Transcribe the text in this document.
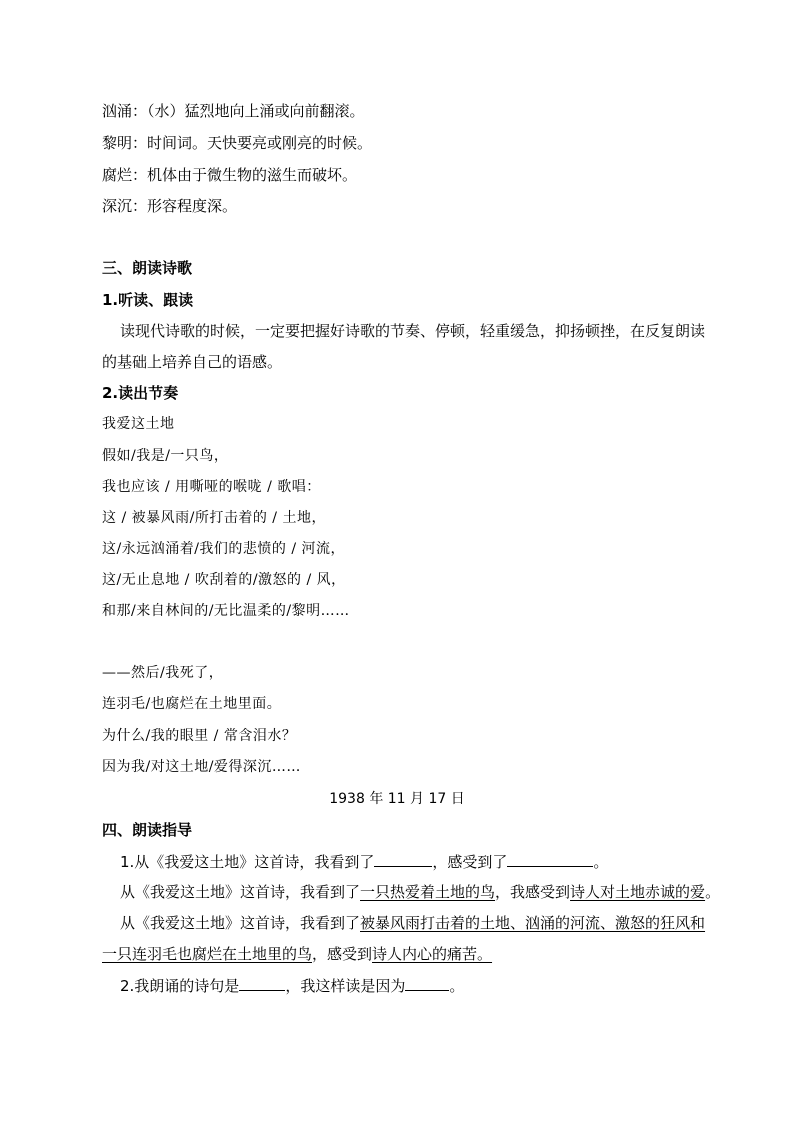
汹涌：（水）猛烈地向上涌或向前翻滚。
黎明：时间词。天快要亮或刚亮的时候。
腐烂：机体由于微生物的滋生而破坏。
深沉：形容程度深。
三、朗读诗歌
1.听读、跟读
读现代诗歌的时候，一定要把握好诗歌的节奏、停顿，轻重缓急，抑扬顿挫，在反复朗读
的基础上培养自己的语感。
2.读出节奏
我爱这土地
假如/我是/一只鸟，
我也应该 / 用嘶哑的喉咙 / 歌唱：
这 / 被暴风雨/所打击着的 / 土地，
这/永远汹涌着/我们的悲愤的 / 河流，
这/无止息地 / 吹刮着的/激怒的 / 风，
和那/来自林间的/无比温柔的/黎明……
——然后/我死了，
连羽毛/也腐烂在土地里面。
为什么/我的眼里 / 常含泪水？
因为我/对这土地/爱得深沉……
1938 年 11 月 17 日
四、朗读指导
1.从《我爱这土地》这首诗，我看到了	，感受到了	。
从《我爱这土地》这首诗，我看到了一只热爱着土地的鸟，我感受到诗人对土地赤诚的爱。
从《我爱这土地》这首诗，我看到了被暴风雨打击着的土地、汹涌的河流、激怒的狂风和
一只连羽毛也腐烂在土地里的鸟，感受到诗人内心的痛苦。
2.我朗诵的诗句是	，我这样读是因为	。
